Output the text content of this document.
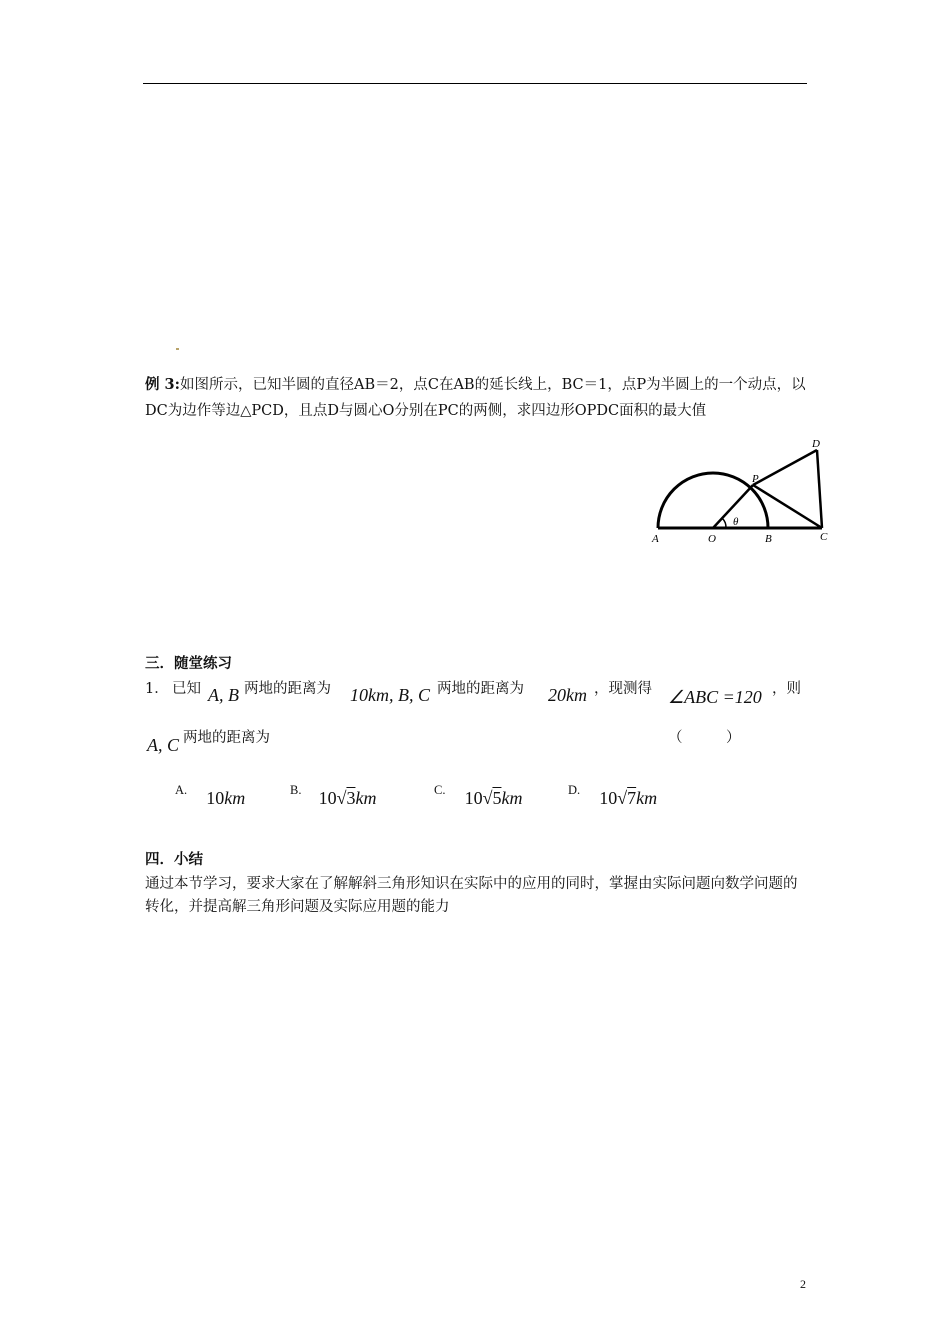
例 3:如图所示，已知半圆的直径AB＝2，点C在AB的延长线上，BC＝1，点P为半圆上的一个动点，以DC为边作等边△PCD，且点D与圆心O分别在PC的两侧，求四边形OPDC面积的最大值
A	O	B	C
P
D
θ
三．随堂练习
1． 已知 A, B 两地的距离为 10km, B, C 两地的距离为 20km ，现测得 ∠ABC =120 ，则
A, C 两地的距离为	（　　　）
A. 10km	B. 10√3km	C. 10√5km	D. 10√7km
四．小结
通过本节学习，要求大家在了解解斜三角形知识在实际中的应用的同时，掌握由实际问题向数学问题的转化，并提高解三角形问题及实际应用题的能力
2
